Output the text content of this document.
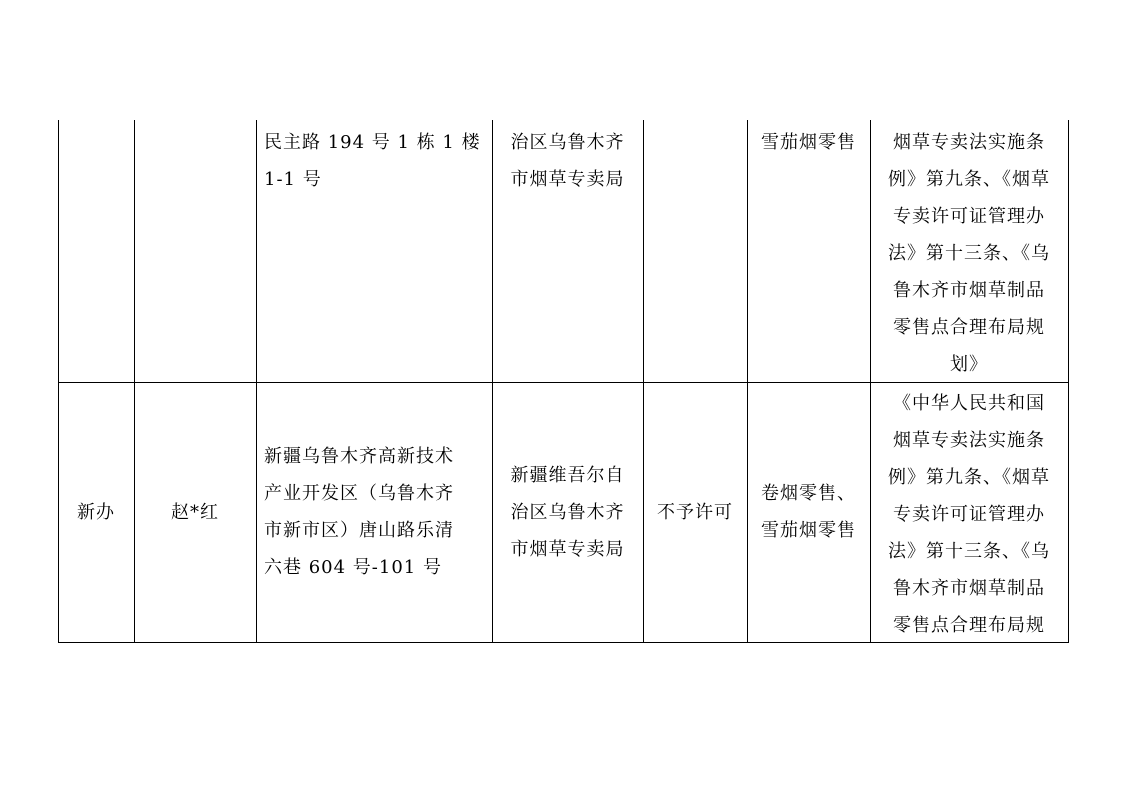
民主路 194 号 1 栋 1 楼
1-1 号
治区乌鲁木齐
市烟草专卖局
雪茄烟零售 烟草专卖法实施条
例》第九条、《烟草
专卖许可证管理办
法》第十三条、《乌
鲁木齐市烟草制品
零售点合理布局规
划》
新办	赵*红
新疆乌鲁木齐高新技术
产业开发区（乌鲁木齐
市新市区）唐山路乐清
六巷 604 号-101 号
新疆维吾尔自
治区乌鲁木齐
市烟草专卖局
不予许可
卷烟零售、
雪茄烟零售
《中华人民共和国
烟草专卖法实施条
例》第九条、《烟草
专卖许可证管理办
法》第十三条、《乌
鲁木齐市烟草制品
零售点合理布局规
